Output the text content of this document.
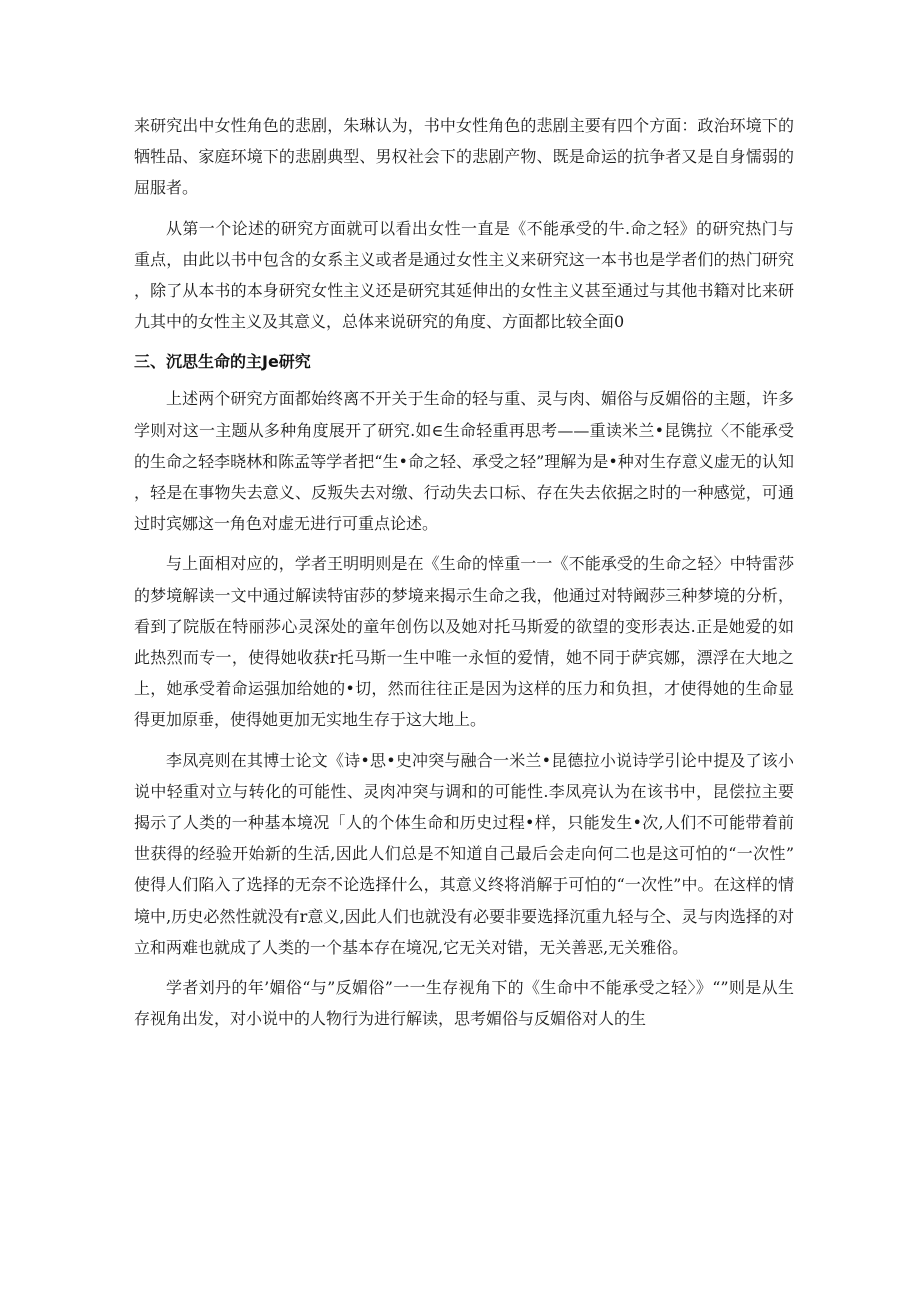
来研究出中女性角色的悲剧，朱琳认为，书中女性角色的悲剧主要有四个方面：政治环境下的牺牲品、家庭环境下的悲剧典型、男权社会下的悲剧产物、既是命运的抗争者又是自身懦弱的屈服者。

从第一个论述的研究方面就可以看出女性一直是《不能承受的牛.命之轻》的研究热门与重点，由此以书中包含的女系主义或者是通过女性主义来研究这一本书也是学者们的热门研究，除了从本书的本身研究女性主义还是研究其延伸出的女性主义甚至通过与其他书籍对比来研九其中的女性主义及其意义，总体来说研究的角度、方面都比较全面0

三、沉思生命的主Je研究

上述两个研究方面都始终离不开关于生命的轻与重、灵与肉、媚俗与反媚俗的主题，许多学则对这一主题从多种角度展开了研究.如∈生命轻重再思考——重读米兰•昆镌拉〈不能承受的生命之轻李晓林和陈孟等学者把“生•命之轻、承受之轻”理解为是•种对生存意义虚无的认知，轻是在事物失去意义、反叛失去对缴、行动失去口标、存在失去依据之时的一种感觉，可通过时宾娜这一角色对虚无进行可重点论述。

与上面相对应的，学者王明明则是在《生命的悻重一一《不能承受的生命之轻〉中特雷莎的梦境解读一文中通过解读特宙莎的梦境来揭示生命之我，他通过对特阚莎三种梦境的分析，看到了院版在特丽莎心灵深处的童年创伤以及她对托马斯爱的欲望的变形表达.正是她爱的如此热烈而专一，使得她收获r托马斯一生中唯一永恒的爱情，她不同于萨宾娜，漂浮在大地之上，她承受着命运强加给她的•切，然而往往正是因为这样的压力和负担，才使得她的生命显得更加原垂，使得她更加无实地生存于这大地上。

李凤亮则在其博士论文《诗•思•史冲突与融合一米兰•昆德拉小说诗学引论中提及了该小说中轻重对立与转化的可能性、灵肉冲突与调和的可能性.李凤亮认为在该书中，昆偿拉主要揭示了人类的一种基本境况「人的个体生命和历史过程•样，只能发生•次,人们不可能带着前世获得的经验开始新的生活,因此人们总是不知道自己最后会走向何二也是这可怕的“一次性”使得人们陷入了选择的无奈不论选择什么，其意义终将消解于可怕的“一次性”中。在这样的情境中,历史必然性就没有r意义,因此人们也就没有必要非要选择沉重九轻与仝、灵与肉选择的对立和两难也就成了人类的一个基本存在境况,它无关对错，无关善恶,无关雅俗。

学者刘丹的年’媚俗“与”反媚俗”一一生存视角下的《生命中不能承受之轻〉》“”则是从生存视角出发，对小说中的人物行为进行解读，思考媚俗与反媚俗对人的生
